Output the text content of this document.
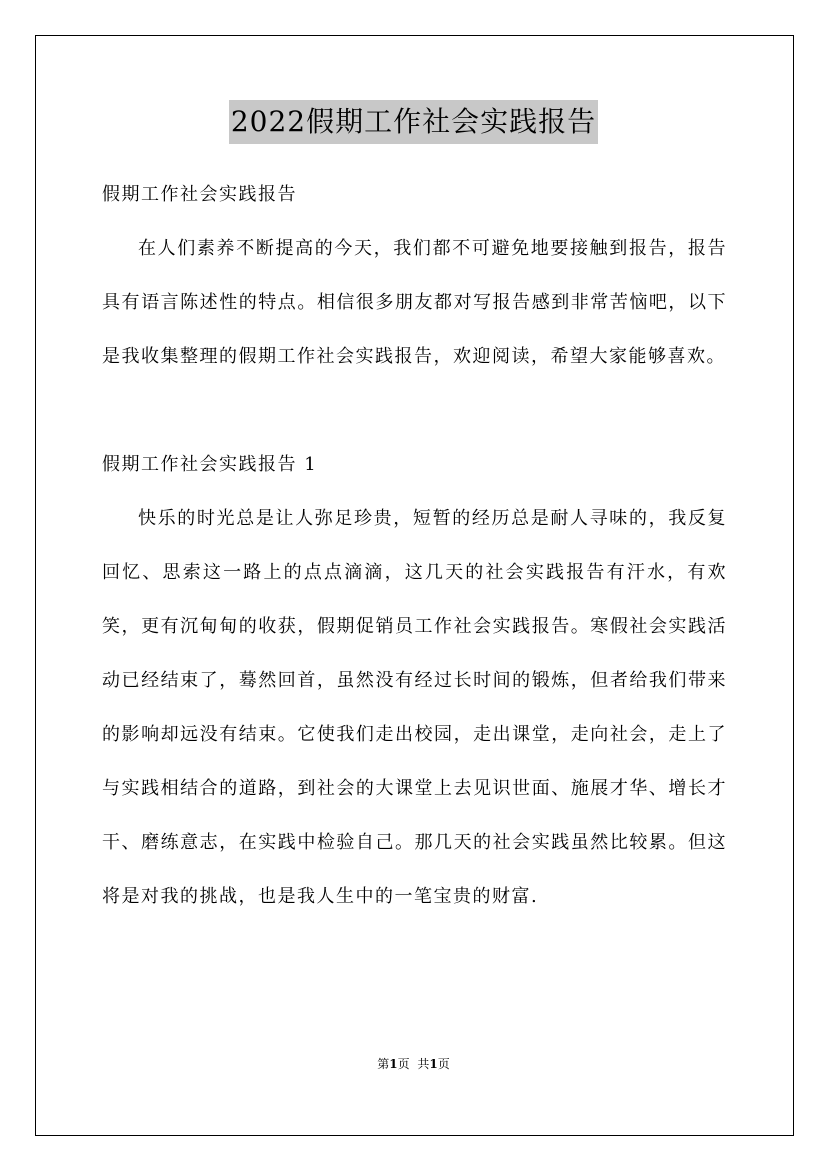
2022假期工作社会实践报告

假期工作社会实践报告

在人们素养不断提高的今天，我们都不可避免地要接触到报告，报告具有语言陈述性的特点。相信很多朋友都对写报告感到非常苦恼吧，以下是我收集整理的假期工作社会实践报告，欢迎阅读，希望大家能够喜欢。

假期工作社会实践报告 1

快乐的时光总是让人弥足珍贵，短暂的经历总是耐人寻味的，我反复回忆、思索这一路上的点点滴滴，这几天的社会实践报告有汗水，有欢笑，更有沉甸甸的收获，假期促销员工作社会实践报告。寒假社会实践活动已经结束了，蓦然回首，虽然没有经过长时间的锻炼，但者给我们带来的影响却远没有结束。它使我们走出校园，走出课堂，走向社会，走上了与实践相结合的道路，到社会的大课堂上去见识世面、施展才华、增长才干、磨练意志，在实践中检验自己。那几天的社会实践虽然比较累。但这将是对我的挑战，也是我人生中的一笔宝贵的财富.

第1页 共1页
